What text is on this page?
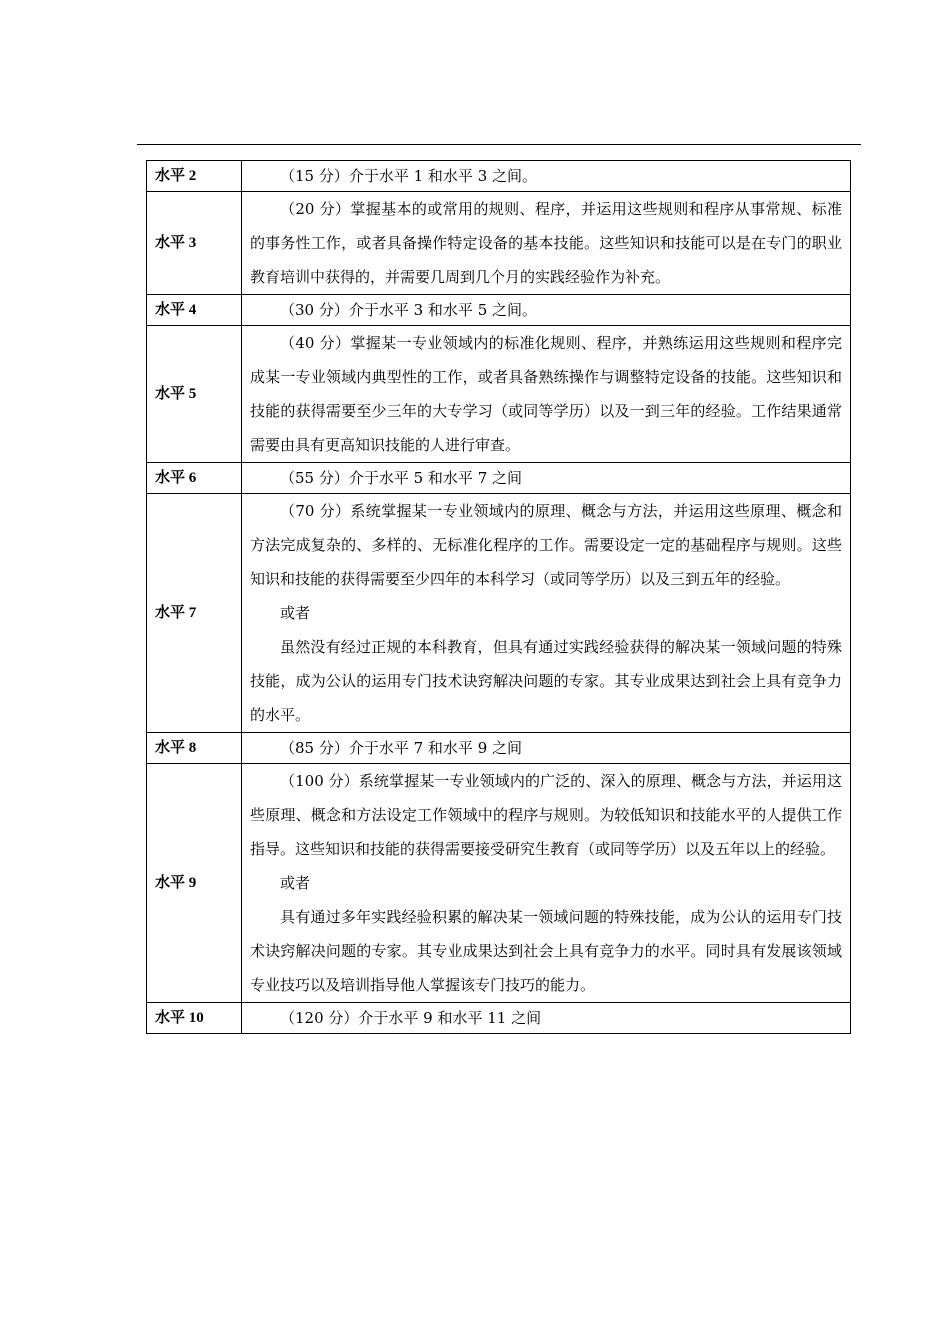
水平 2	（15 分）介于水平 1 和水平 3 之间。

水平 3	（20 分）掌握基本的或常用的规则、程序，并运用这些规则和程序从事常规、标准的事务性工作，或者具备操作特定设备的基本技能。这些知识和技能可以是在专门的职业教育培训中获得的，并需要几周到几个月的实践经验作为补充。

水平 4	（30 分）介于水平 3 和水平 5 之间。

水平 5	（40 分）掌握某一专业领域内的标准化规则、程序，并熟练运用这些规则和程序完成某一专业领域内典型性的工作，或者具备熟练操作与调整特定设备的技能。这些知识和技能的获得需要至少三年的大专学习（或同等学历）以及一到三年的经验。工作结果通常需要由具有更高知识技能的人进行审查。

水平 6	（55 分）介于水平 5 和水平 7 之间

水平 7	（70 分）系统掌握某一专业领域内的原理、概念与方法，并运用这些原理、概念和方法完成复杂的、多样的、无标准化程序的工作。需要设定一定的基础程序与规则。这些知识和技能的获得需要至少四年的本科学习（或同等学历）以及三到五年的经验。

或者

虽然没有经过正规的本科教育，但具有通过实践经验获得的解决某一领域问题的特殊技能，成为公认的运用专门技术诀窍解决问题的专家。其专业成果达到社会上具有竞争力的水平。

水平 8	（85 分）介于水平 7 和水平 9 之间

水平 9	（100 分）系统掌握某一专业领域内的广泛的、深入的原理、概念与方法，并运用这些原理、概念和方法设定工作领域中的程序与规则。为较低知识和技能水平的人提供工作指导。这些知识和技能的获得需要接受研究生教育（或同等学历）以及五年以上的经验。

或者

具有通过多年实践经验积累的解决某一领域问题的特殊技能，成为公认的运用专门技术诀窍解决问题的专家。其专业成果达到社会上具有竞争力的水平。同时具有发展该领域专业技巧以及培训指导他人掌握该专门技巧的能力。

水平 10	（120 分）介于水平 9 和水平 11 之间
